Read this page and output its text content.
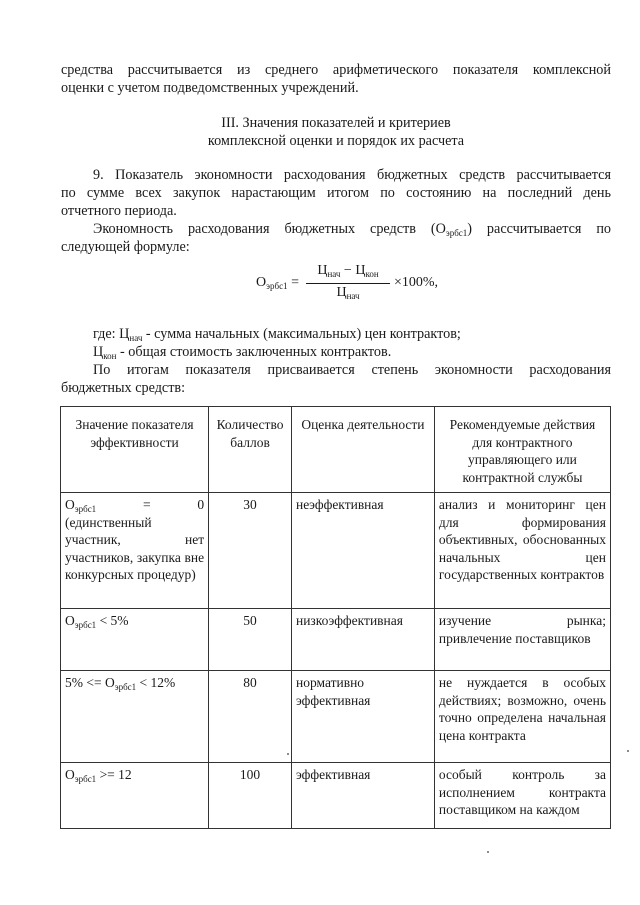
средства рассчитывается из среднего арифметического показателя комплексной
оценки с учетом подведомственных учреждений.
III. Значения показателей и критериев
комплексной оценки и порядок их расчета
9. Показатель экономности расходования бюджетных средств рассчитывается
по сумме всех закупок нарастающим итогом по состоянию на последний день
отчетного периода.
Экономность расходования бюджетных средств $(О_{эрбс1})$ рассчитывается по
следующей формуле:
$О_{эрбс1}$ =
$Ц_{нач} - Ц_{кон}$
$Ц_{нач}$
×100%,
где: $Ц_{нач}$ - сумма начальных (максимальных) цен контрактов;
$Ц_{кон}$ - общая стоимость заключенных контрактов.
По итогам показателя присваивается степень экономности расходования
бюджетных средств:
Значение показателя эффективности	Количество баллов	Оценка деятельности	Рекомендуемые действия для контрактного управляющего или контрактной службы
$О_{эрбс1} = 0$ (единственный участник, нет участников, закупка вне конкурсных процедур)	30	неэффективная	анализ и мониторинг цен для формирования объективных, обоснованных начальных цен государственных контрактов
$О_{эрбс1} < 5\%$	50	низкоэффективная	изучение рынка; привлечение поставщиков
$5\% <= О_{эрбс1} < 12\%$	80	нормативно эффективная	не нуждается в особых действиях; возможно, очень точно определена начальная цена контракта
$О_{эрбс1} >= 12$	100	эффективная	особый контроль за исполнением контракта поставщиком на каждом
